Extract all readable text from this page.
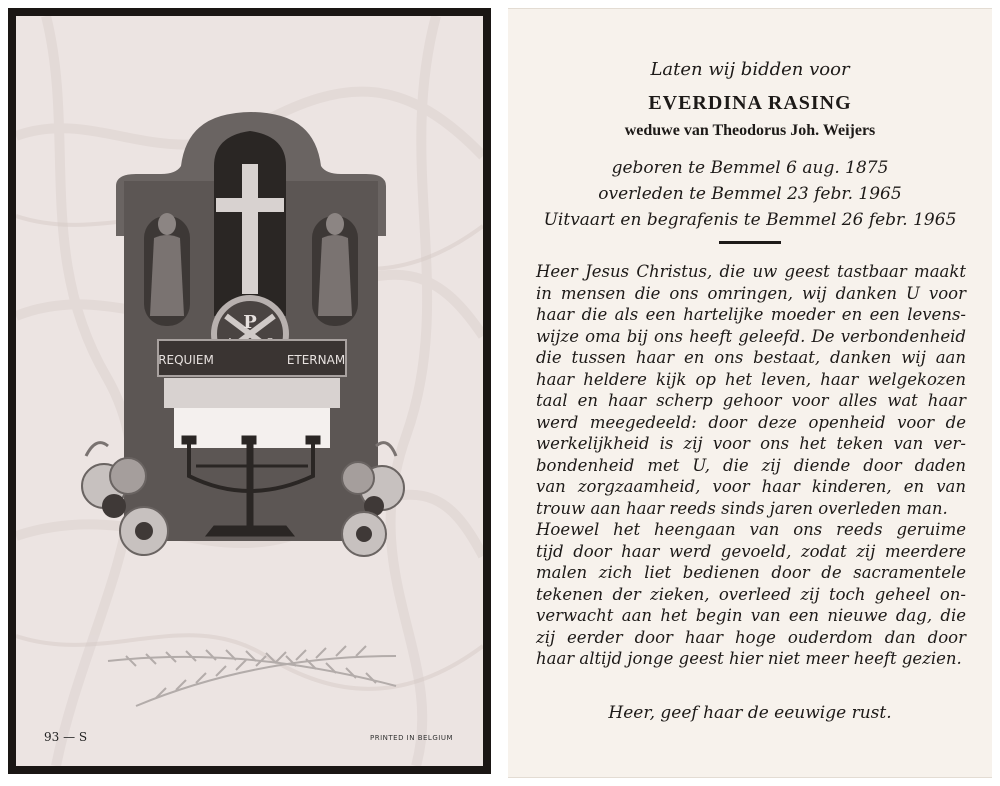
P
REQUIEM	ETERNAM
93 — S	PRINTED IN BELGIUM
Laten wij bidden voor
EVERDINA RASING
weduwe van Theodorus Joh. Weijers
geboren te Bemmel 6 aug. 1875
overleden te Bemmel 23 febr. 1965
Uitvaart en begrafenis te Bemmel 26 febr. 1965
Heer Jesus Christus, die uw geest tastbaar maakt
in mensen die ons omringen, wij danken U voor
haar die als een hartelijke moeder en een levens-
wijze oma bij ons heeft geleefd. De verbondenheid
die tussen haar en ons bestaat, danken wij aan
haar heldere kijk op het leven, haar welgekozen
taal en haar scherp gehoor voor alles wat haar
werd meegedeeld: door deze openheid voor de
werkelijkheid is zij voor ons het teken van ver-
bondenheid met U, die zij diende door daden
van zorgzaamheid, voor haar kinderen, en van
trouw aan haar reeds sinds jaren overleden man.
Hoewel het heengaan van ons reeds geruime
tijd door haar werd gevoeld, zodat zij meerdere
malen zich liet bedienen door de sacramentele
tekenen der zieken, overleed zij toch geheel on-
verwacht aan het begin van een nieuwe dag, die
zij eerder door haar hoge ouderdom dan door
haar altijd jonge geest hier niet meer heeft gezien.
Heer, geef haar de eeuwige rust.
